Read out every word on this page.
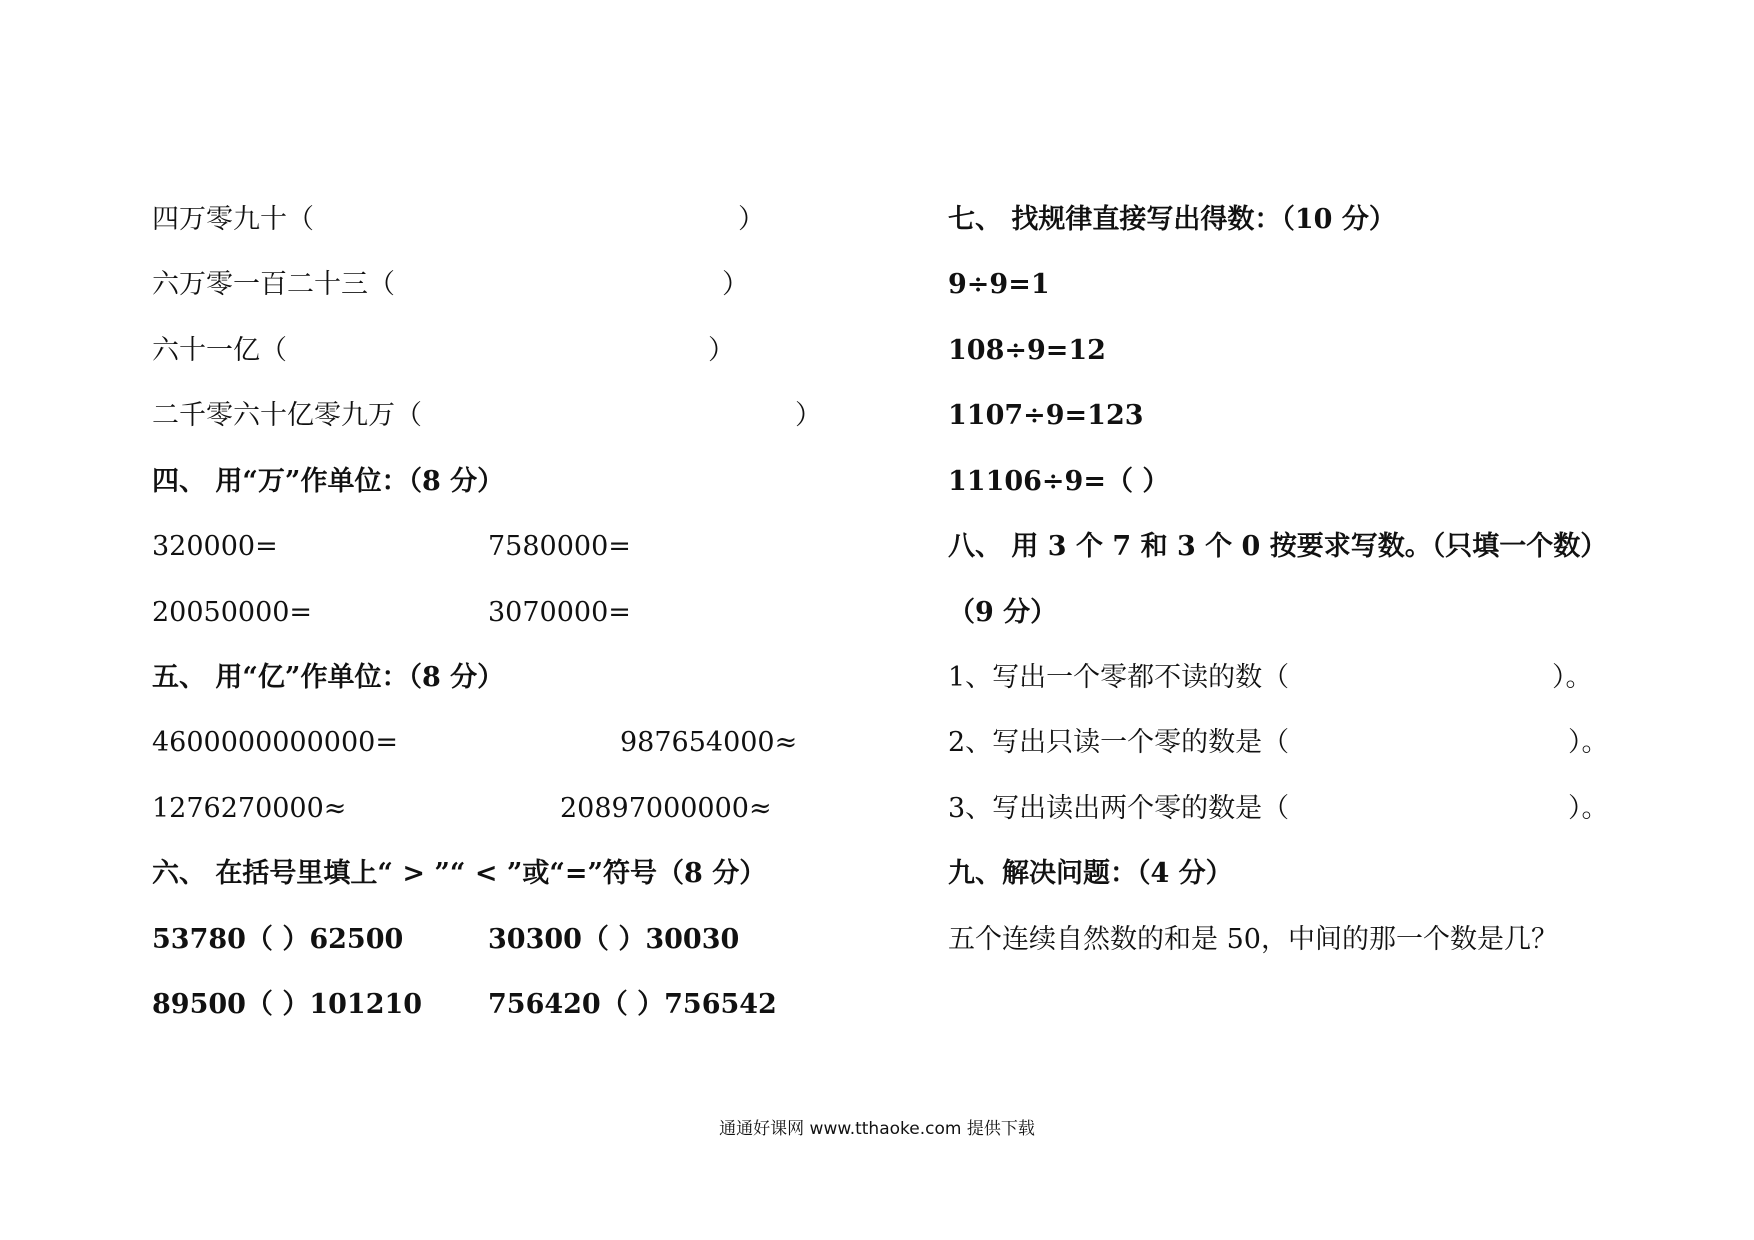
四万零九十（	）
六万零一百二十三（	）
六十一亿（	）
二千零六十亿零九万（	）
四、 用“万”作单位：（8 分）
320000=	7580000=
20050000=	3070000=
五、 用“亿”作单位：（8 分）
4600000000000=	987654000≈
1276270000≈	20897000000≈
六、 在括号里填上“ > ”“ < ”或“=”符号（8 分）
53780（ ）62500	30300（ ）30030
89500（ ）101210 756420（ ）756542
七、 找规律直接写出得数：（10 分）
9÷9=1
108÷9=12
1107÷9=123
11106÷9=（ ）
八、 用 3 个 7 和 3 个 0 按要求写数。（只填一个数）
（9 分）
1、写出一个零都不读的数（	）。
2、写出只读一个零的数是（	）。
3、写出读出两个零的数是（	）。
九、解决问题：（4 分）
五个连续自然数的和是 50，中间的那一个数是几？
通通好课网 www.tthaoke.com 提供下载
